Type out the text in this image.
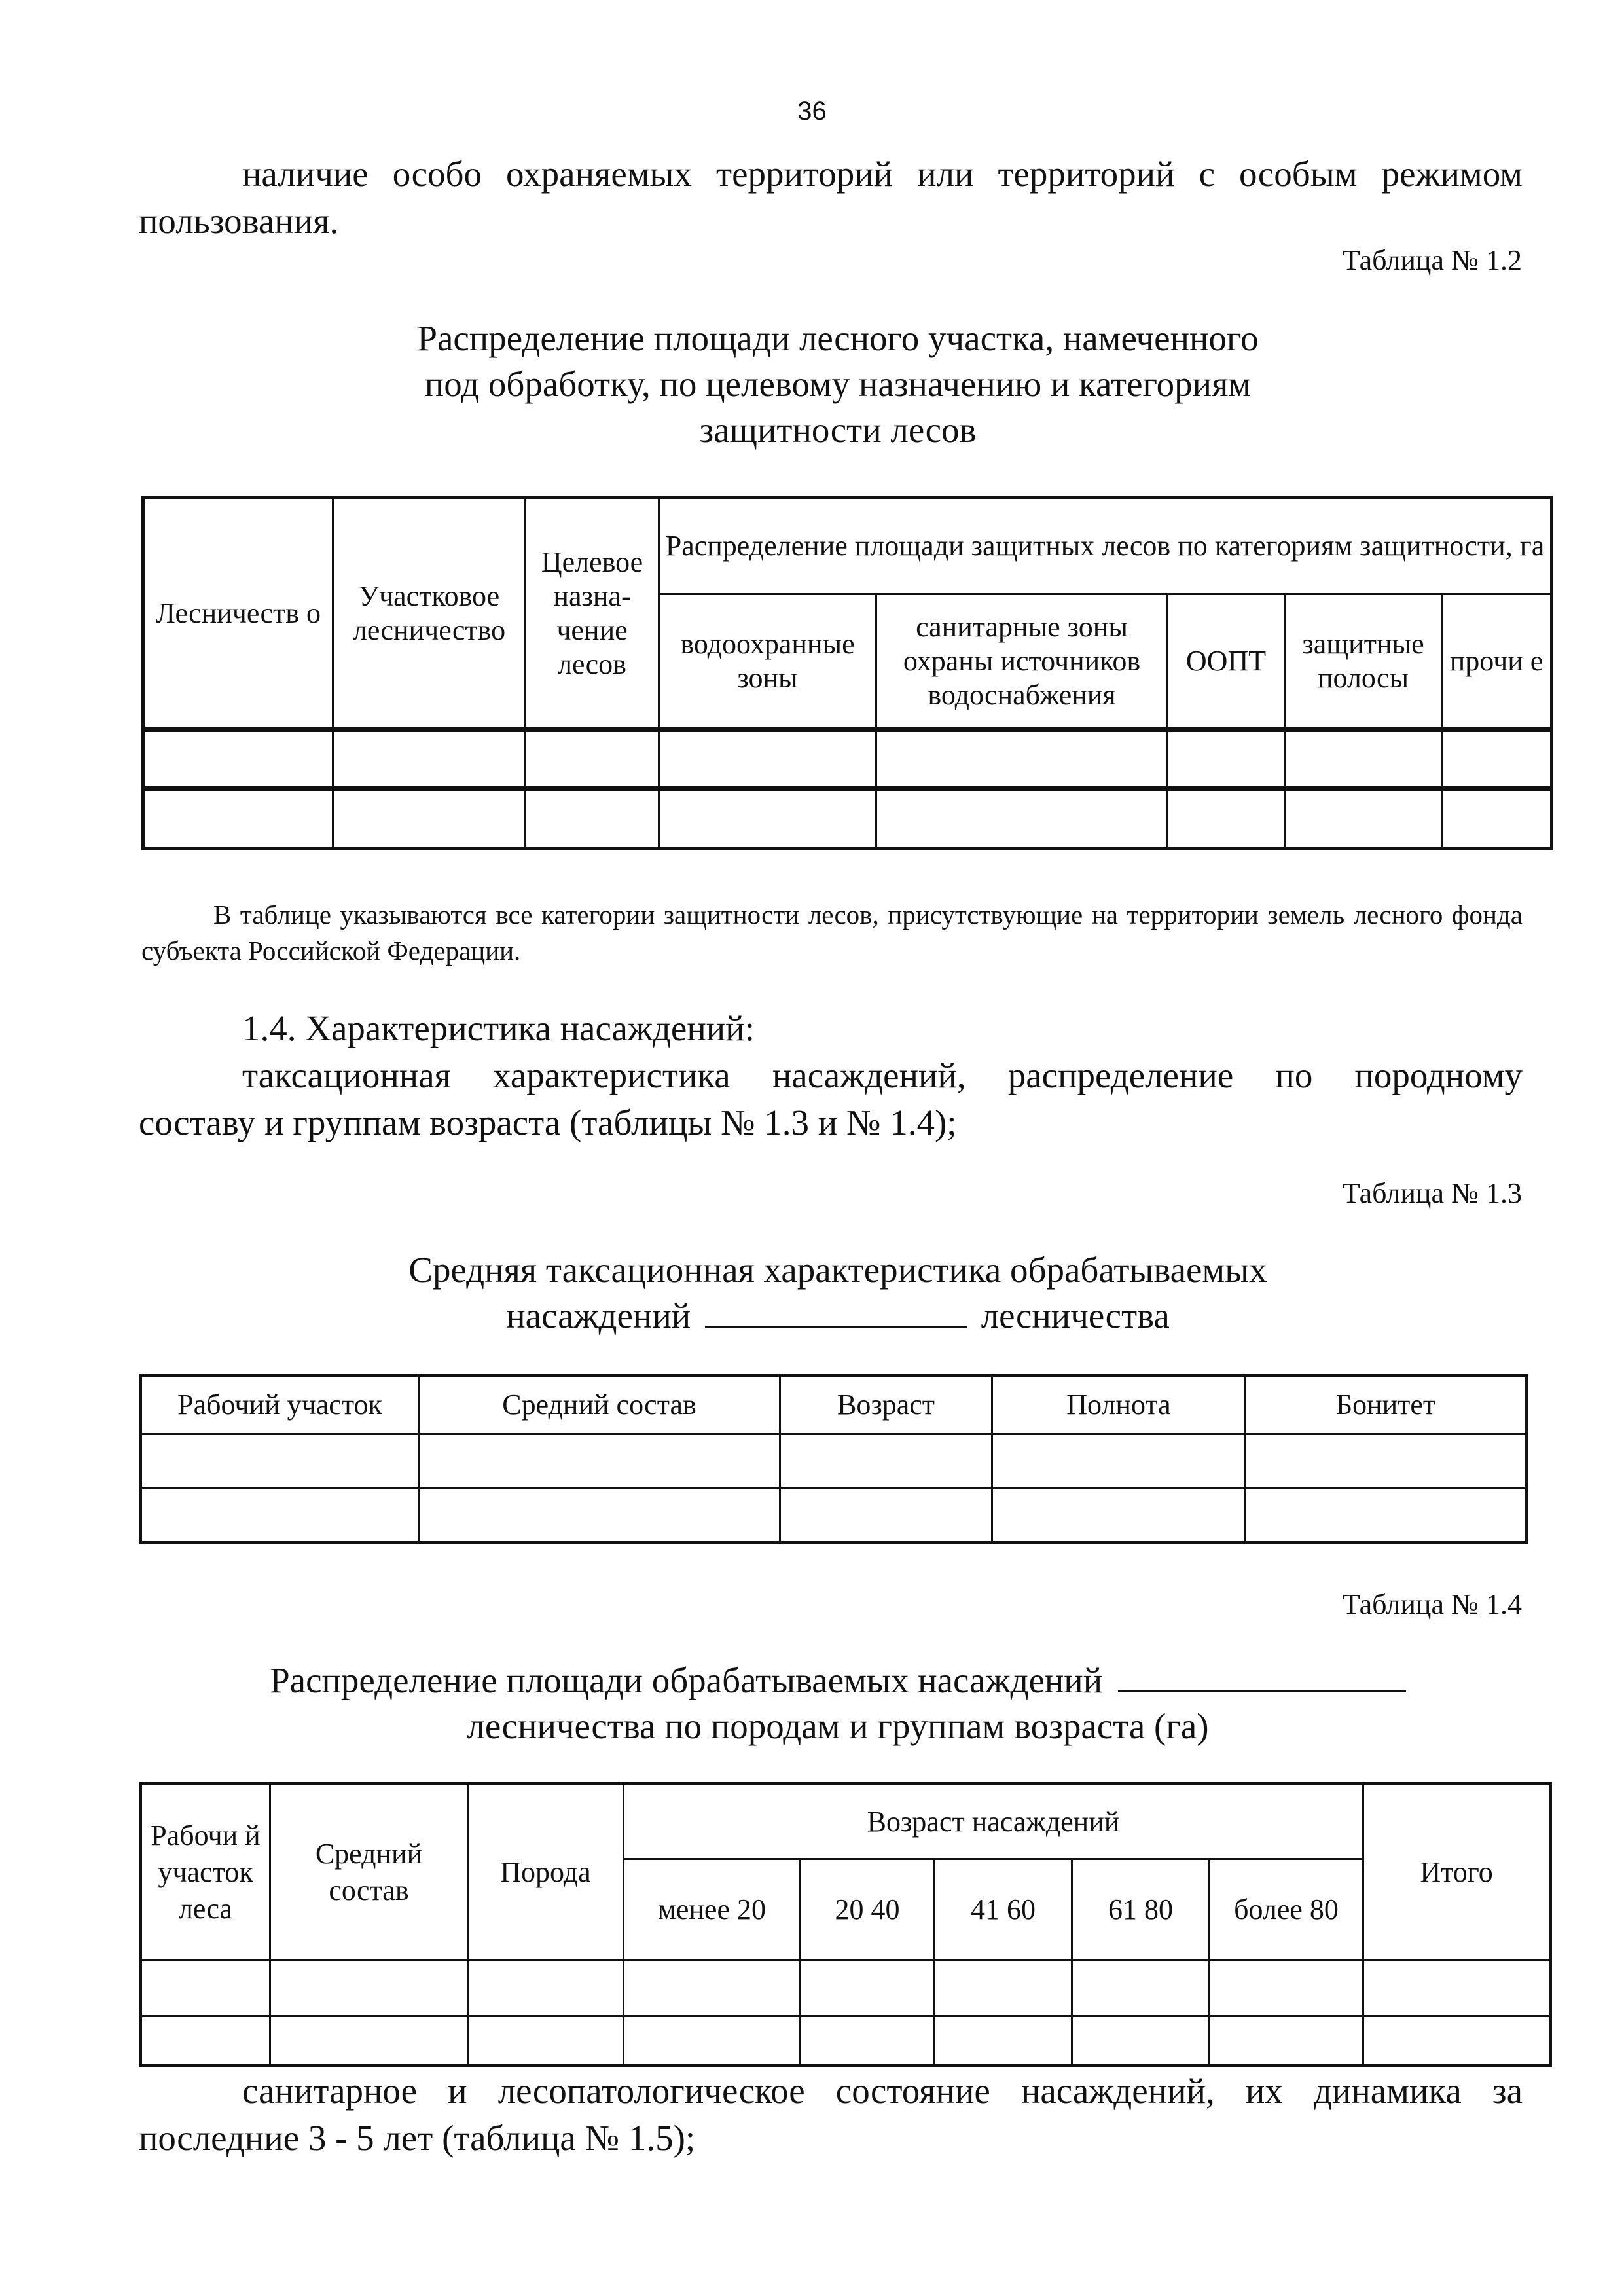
36
наличие особо охраняемых территорий или территорий с особым режимом
пользования.
Таблица № 1.2
Распределение площади лесного участка, намеченного
под обработку, по целевому назначению и категориям
защитности лесов
Лесничеств о	Участковое лесничество	Целевое назна-чение лесов	Распределение площади защитных лесов по категориям защитности, га				
			водоохранные зоны	санитарные зоны охраны источников водоснабжения	ООПТ	защитные полосы	прочи е

В таблице указываются все категории защитности лесов, присутствующие на территории земель лесного фонда субъекта Российской Федерации.
1.4. Характеристика насаждений:
таксационная характеристика насаждений, распределение по породному
составу и группам возраста (таблицы № 1.3 и № 1.4);
Таблица № 1.3
Средняя таксационная характеристика обрабатываемых
насаждений	лесничества
Рабочий участок	Средний состав	Возраст	Полнота	Бонитет

Таблица № 1.4
Распределение площади обрабатываемых насаждений
лесничества по породам и группам возраста (га)
Рабочи й участок леса	Средний состав	Порода	Возраст насаждений					Итого
			менее 20	20 40	41 60	61 80	более 80	

санитарное и лесопатологическое состояние насаждений, их динамика за
последние 3 - 5 лет (таблица № 1.5);
